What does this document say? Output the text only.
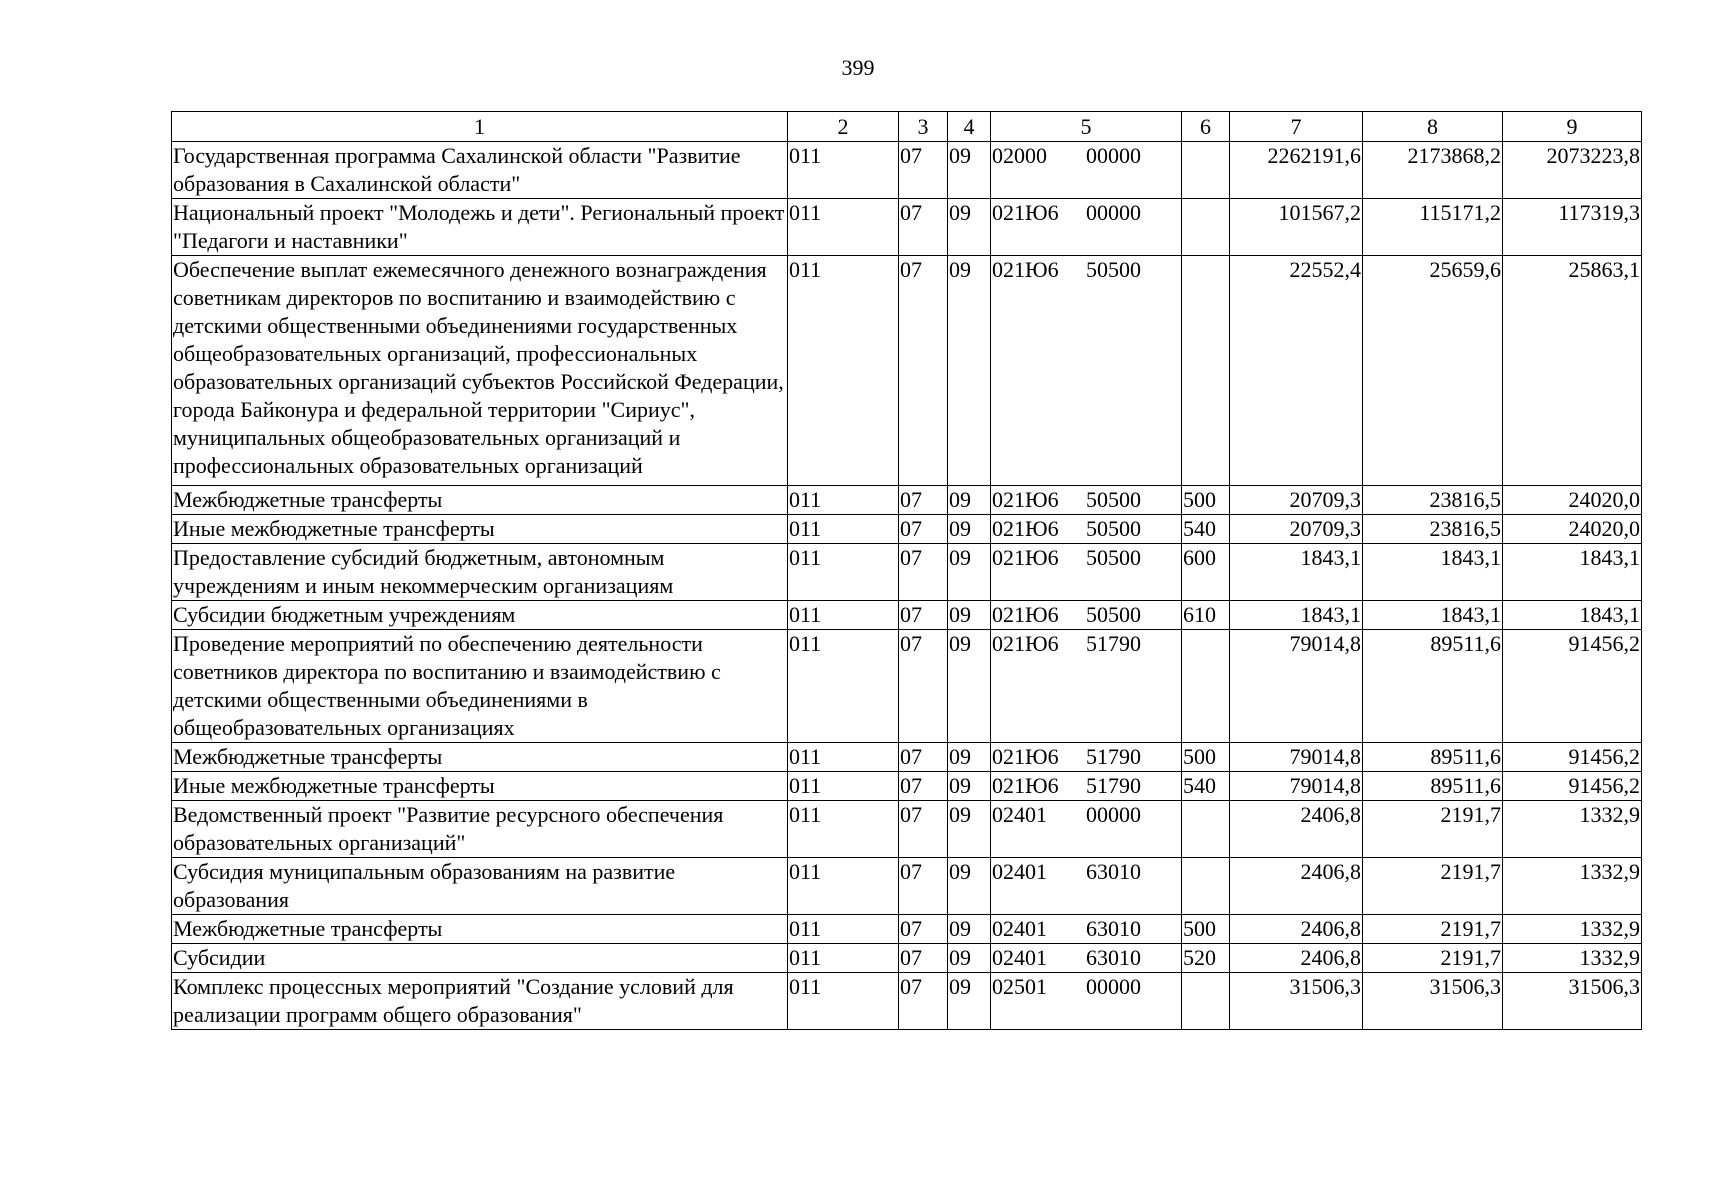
399
1	2	3	4	5	6	7	8	9
Государственная программа Сахалинской области "Развитие образования в Сахалинской области"	011	07	09	02000 00000		2262191,6	2173868,2	2073223,8
Национальный проект "Молодежь и дети". Региональный проект "Педагоги и наставники"	011	07	09	021Ю6 00000		101567,2	115171,2	117319,3
Обеспечение выплат ежемесячного денежного вознаграждения советникам директоров по воспитанию и взаимодействию с детскими общественными объединениями государственных общеобразовательных организаций, профессиональных образовательных организаций субъектов Российской Федерации, города Байконура и федеральной территории "Сириус", муниципальных общеобразовательных организаций и профессиональных образовательных организаций	011	07	09	021Ю6 50500		22552,4	25659,6	25863,1
Межбюджетные трансферты	011	07	09	021Ю6 50500	500	20709,3	23816,5	24020,0
Иные межбюджетные трансферты	011	07	09	021Ю6 50500	540	20709,3	23816,5	24020,0
Предоставление субсидий бюджетным, автономным учреждениям и иным некоммерческим организациям	011	07	09	021Ю6 50500	600	1843,1	1843,1	1843,1
Субсидии бюджетным учреждениям	011	07	09	021Ю6 50500	610	1843,1	1843,1	1843,1
Проведение мероприятий по обеспечению деятельности советников директора по воспитанию и взаимодействию с детскими общественными объединениями в общеобразовательных организациях	011	07	09	021Ю6 51790		79014,8	89511,6	91456,2
Межбюджетные трансферты	011	07	09	021Ю6 51790	500	79014,8	89511,6	91456,2
Иные межбюджетные трансферты	011	07	09	021Ю6 51790	540	79014,8	89511,6	91456,2
Ведомственный проект "Развитие ресурсного обеспечения образовательных организаций"	011	07	09	02401 00000		2406,8	2191,7	1332,9
Субсидия муниципальным образованиям на развитие образования	011	07	09	02401 63010		2406,8	2191,7	1332,9
Межбюджетные трансферты	011	07	09	02401 63010	500	2406,8	2191,7	1332,9
Субсидии	011	07	09	02401 63010	520	2406,8	2191,7	1332,9
Комплекс процессных мероприятий "Создание условий для реализации программ общего образования"	011	07	09	02501 00000		31506,3	31506,3	31506,3
